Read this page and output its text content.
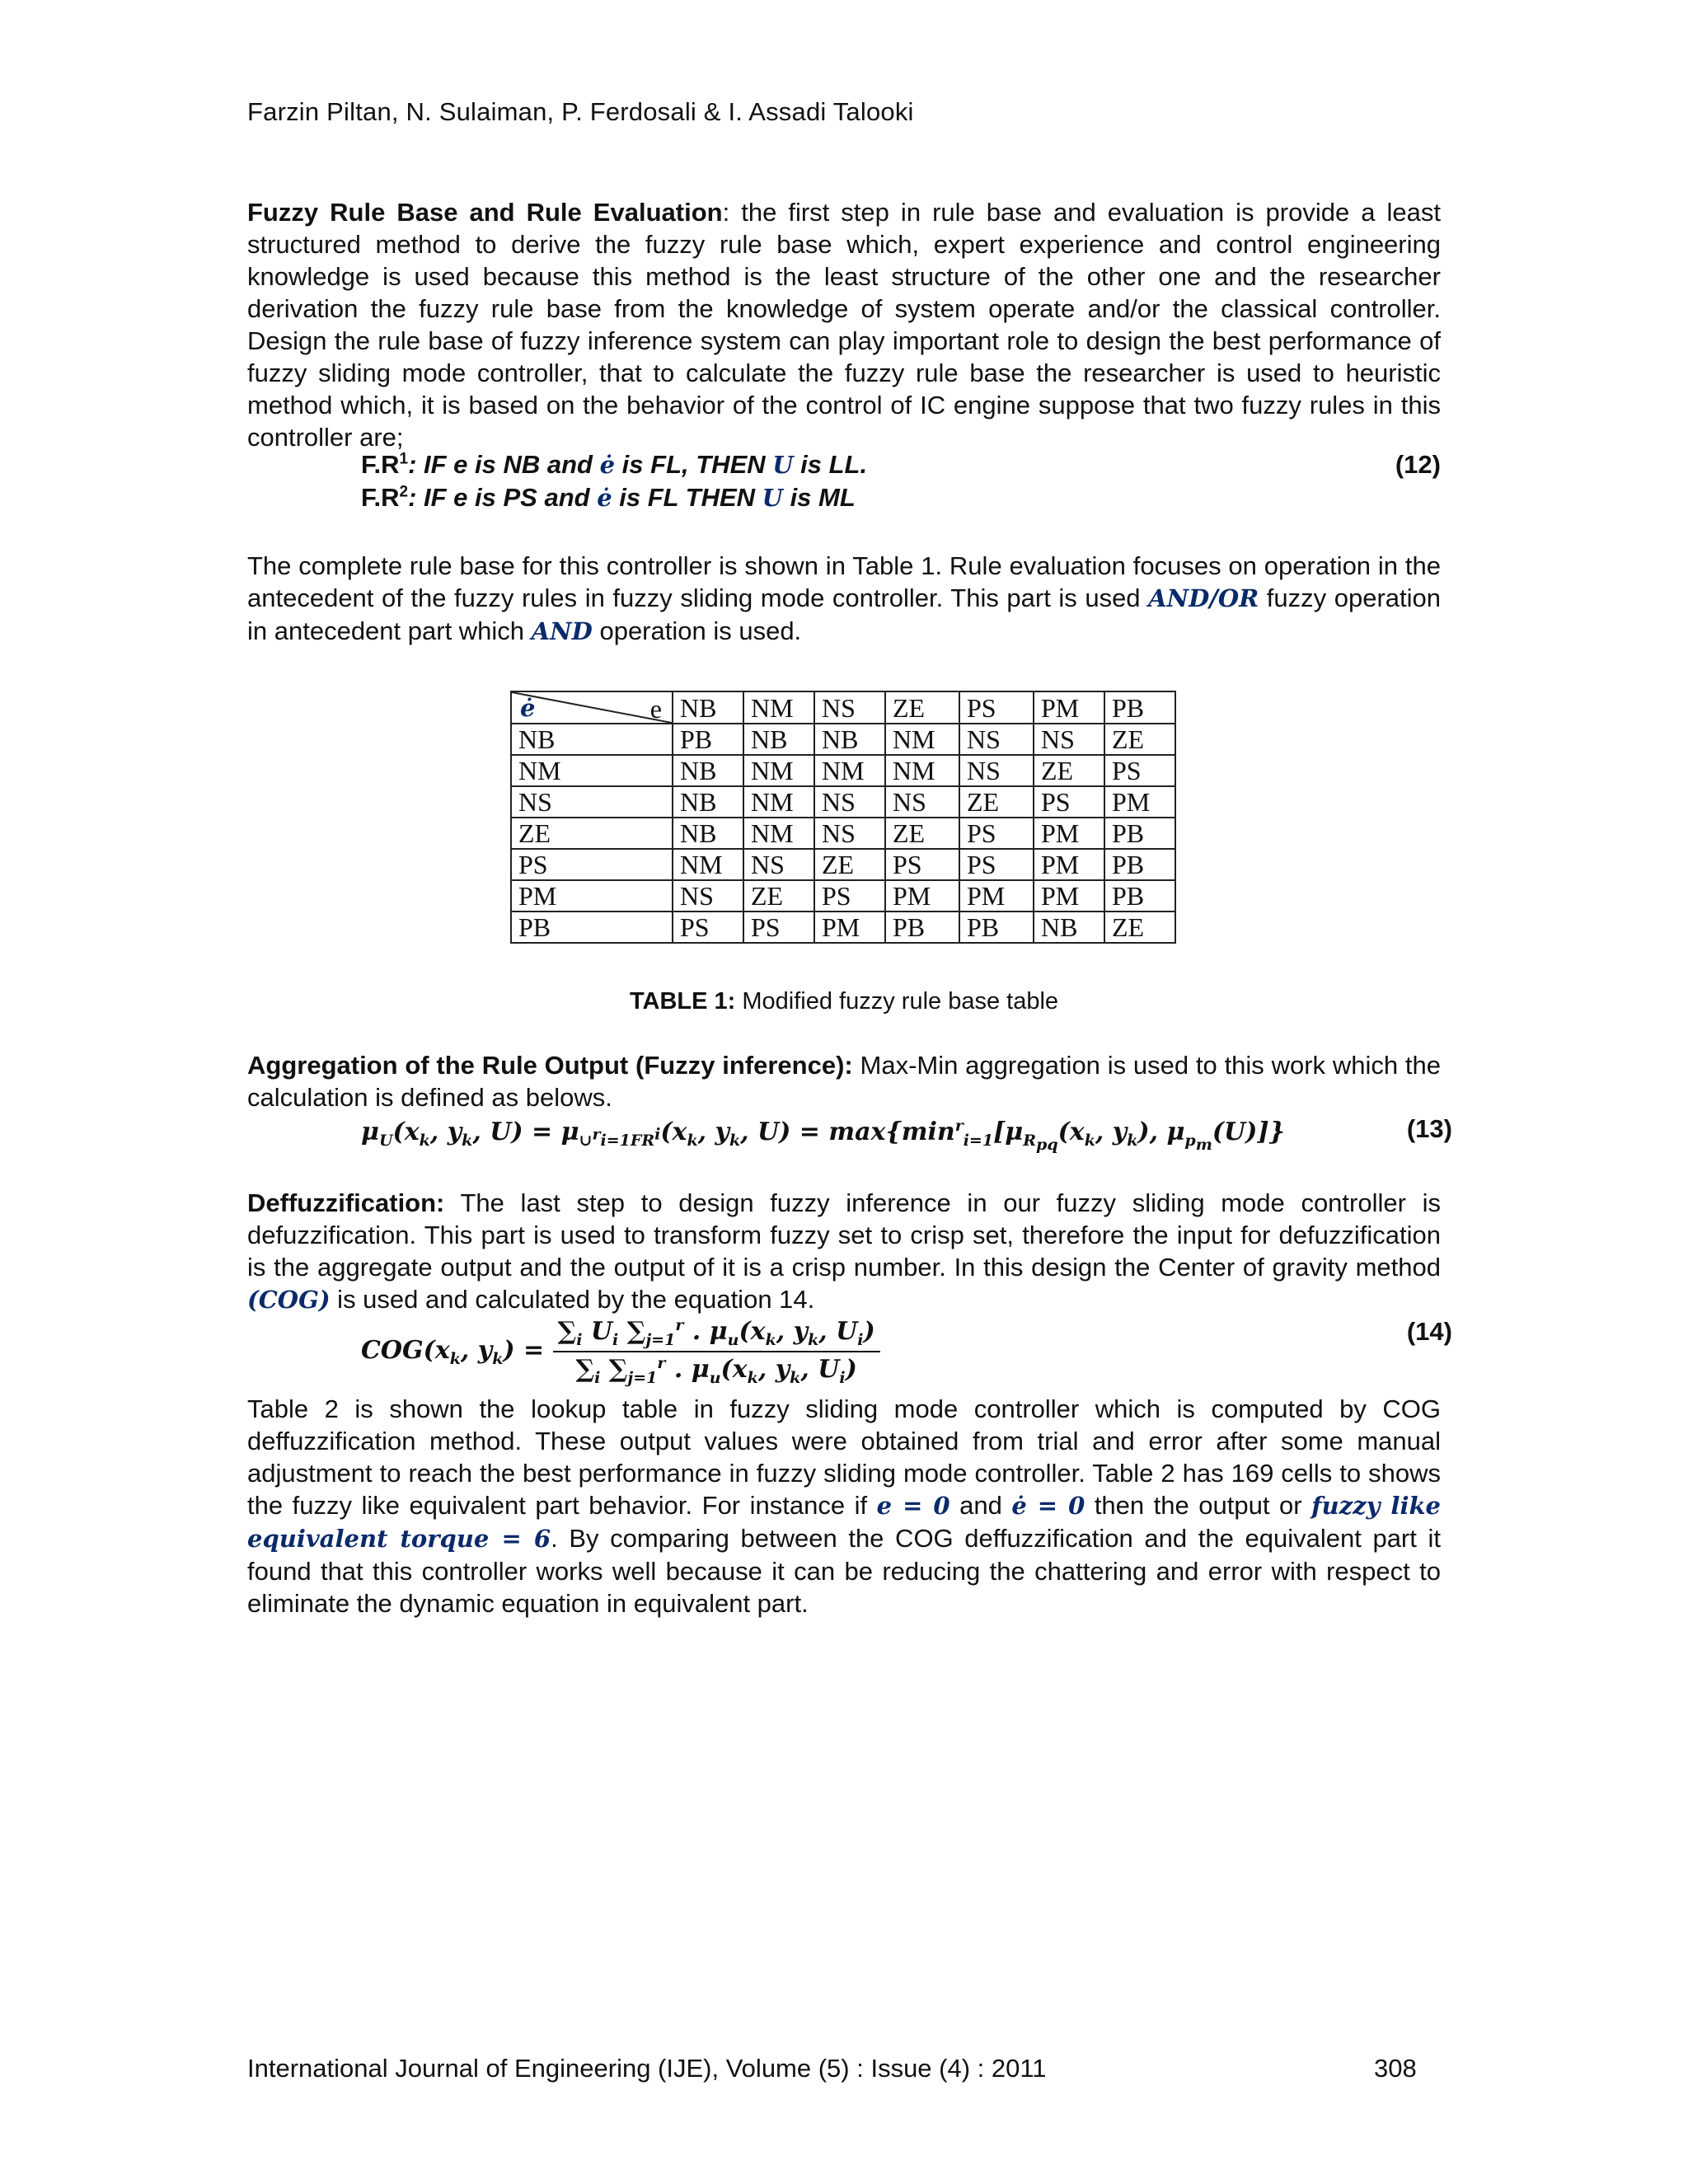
Farzin Piltan, N. Sulaiman, P. Ferdosali & I. Assadi Talooki
Fuzzy Rule Base and Rule Evaluation: the first step in rule base and evaluation is provide a least structured method to derive the fuzzy rule base which, expert experience and control engineering knowledge is used because this method is the least structure of the other one and the researcher derivation the fuzzy rule base from the knowledge of system operate and/or the classical controller. Design the rule base of fuzzy inference system can play important role to design the best performance of fuzzy sliding mode controller, that to calculate the fuzzy rule base the researcher is used to heuristic method which, it is based on the behavior of the control of IC engine suppose that two fuzzy rules in this controller are;
$F.R^1$: IF e is NB and ė is FL, THEN U is LL.	(12)
$F.R^2$: IF e is PS and ė is FL THEN U is ML
The complete rule base for this controller is shown in Table 1. Rule evaluation focuses on operation in the antecedent of the fuzzy rules in fuzzy sliding mode controller. This part is used AND/OR fuzzy operation in antecedent part which AND operation is used.
ė e	NB	NM	NS	ZE	PS	PM	PB
NB	PB	NB	NB	NM	NS	NS	ZE
NM	NB	NM	NM	NM	NS	ZE	PS
NS	NB	NM	NS	NS	ZE	PS	PM
ZE	NB	NM	NS	ZE	PS	PM	PB
PS	NM	NS	ZE	PS	PS	PM	PB
PM	NS	ZE	PS	PM	PM	PM	PB
PB	PS	PS	PM	PB	PB	NB	ZE
TABLE 1: Modified fuzzy rule base table
Aggregation of the Rule Output (Fuzzy inference): Max-Min aggregation is used to this work which the calculation is defined as belows.
$\mu_U(x_k$, $y_k$, $U) = \mu_{\cup^ri=1FR^i}(x_k$, $y_k$, $U) = \max\{\min^r_{i=1}[\mu_{R_{pq}}(x_k$, $y_k$), $\mu_{p_m}(U)$]}	(13)
Deffuzzification: The last step to design fuzzy inference in our fuzzy sliding mode controller is defuzzification. This part is used to transform fuzzy set to crisp set, therefore the input for defuzzification is the aggregate output and the output of it is a crisp number. In this design the Center of gravity method (COG) is used and calculated by the equation 14.
$COG(x_k$, $y_k) = \frac{\sum_i U_i \sum_{j=1}^r . \mu_u(x_k, y_k, U_i)}{\sum_i \sum_{j=1}^r . \mu_u(x_k, y_k, U_i)}$	(14)
Table 2 is shown the lookup table in fuzzy sliding mode controller which is computed by COG deffuzzification method. These output values were obtained from trial and error after some manual adjustment to reach the best performance in fuzzy sliding mode controller. Table 2 has 169 cells to shows the fuzzy like equivalent part behavior. For instance if e = 0 and ė = 0 then the output or fuzzy like equivalent torque = 6. By comparing between the COG deffuzzification and the equivalent part it found that this controller works well because it can be reducing the chattering and error with respect to eliminate the dynamic equation in equivalent part.
International Journal of Engineering (IJE), Volume (5) : Issue (4) : 2011	308
